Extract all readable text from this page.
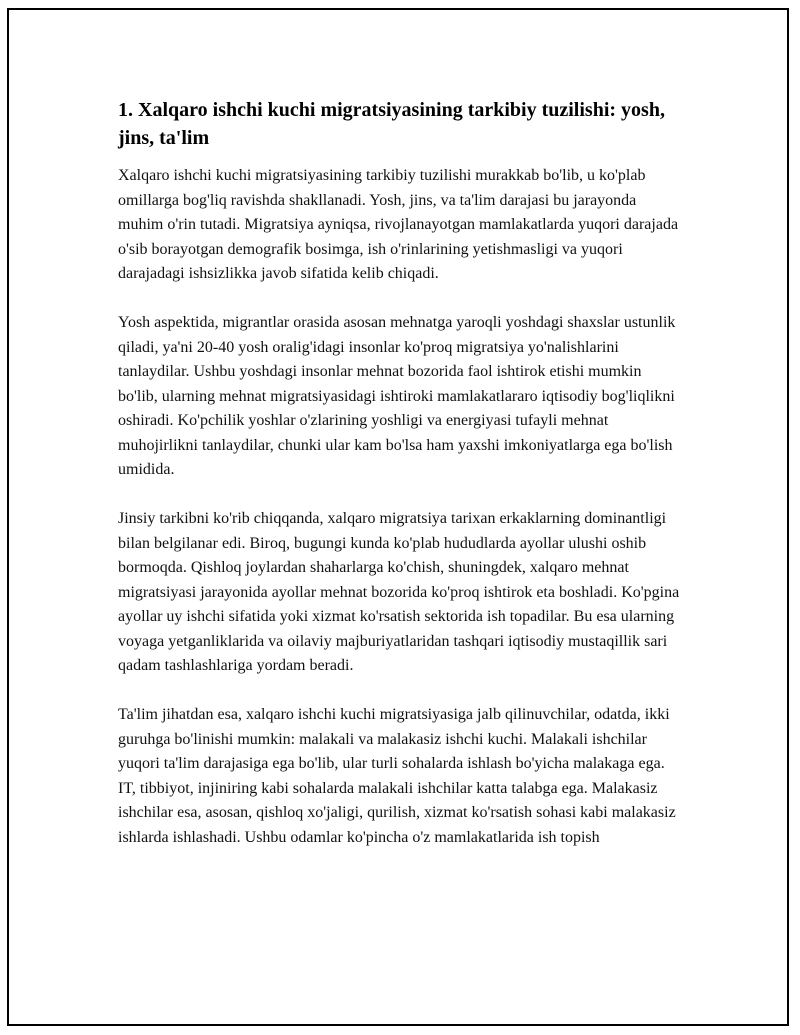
1. Xalqaro ishchi kuchi migratsiyasining tarkibiy tuzilishi: yosh, jins, ta'lim

Xalqaro ishchi kuchi migratsiyasining tarkibiy tuzilishi murakkab bo'lib, u ko'plab omillarga bog'liq ravishda shakllanadi. Yosh, jins, va ta'lim darajasi bu jarayonda muhim o'rin tutadi. Migratsiya ayniqsa, rivojlanayotgan mamlakatlarda yuqori darajada o'sib borayotgan demografik bosimga, ish o'rinlarining yetishmasligi va yuqori darajadagi ishsizlikka javob sifatida kelib chiqadi.

Yosh aspektida, migrantlar orasida asosan mehnatga yaroqli yoshdagi shaxslar ustunlik qiladi, ya'ni 20-40 yosh oralig'idagi insonlar ko'proq migratsiya yo'nalishlarini tanlaydilar. Ushbu yoshdagi insonlar mehnat bozorida faol ishtirok etishi mumkin bo'lib, ularning mehnat migratsiyasidagi ishtiroki mamlakatlararo iqtisodiy bog'liqlikni oshiradi. Ko'pchilik yoshlar o'zlarining yoshligi va energiyasi tufayli mehnat muhojirlikni tanlaydilar, chunki ular kam bo'lsa ham yaxshi imkoniyatlarga ega bo'lish umidida.

Jinsiy tarkibni ko'rib chiqqanda, xalqaro migratsiya tarixan erkaklarning dominantligi bilan belgilanar edi. Biroq, bugungi kunda ko'plab hududlarda ayollar ulushi oshib bormoqda. Qishloq joylardan shaharlarga ko'chish, shuningdek, xalqaro mehnat migratsiyasi jarayonida ayollar mehnat bozorida ko'proq ishtirok eta boshladi. Ko'pgina ayollar uy ishchi sifatida yoki xizmat ko'rsatish sektorida ish topadilar. Bu esa ularning voyaga yetganliklarida va oilaviy majburiyatlaridan tashqari iqtisodiy mustaqillik sari qadam tashlashlariga yordam beradi.

Ta'lim jihatdan esa, xalqaro ishchi kuchi migratsiyasiga jalb qilinuvchilar, odatda, ikki guruhga bo'linishi mumkin: malakali va malakasiz ishchi kuchi. Malakali ishchilar yuqori ta'lim darajasiga ega bo'lib, ular turli sohalarda ishlash bo'yicha malakaga ega. IT, tibbiyot, injiniring kabi sohalarda malakali ishchilar katta talabga ega. Malakasiz ishchilar esa, asosan, qishloq xo'jaligi, qurilish, xizmat ko'rsatish sohasi kabi malakasiz ishlarda ishlashadi. Ushbu odamlar ko'pincha o'z mamlakatlarida ish topish
